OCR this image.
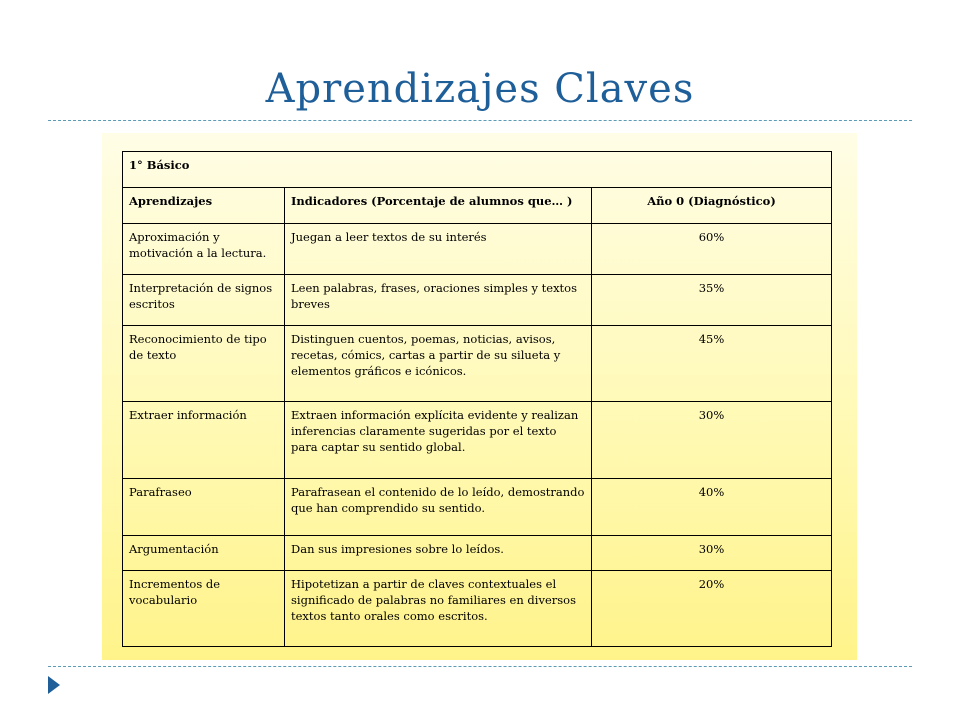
Aprendizajes Claves
1° Básico		
Aprendizajes	Indicadores (Porcentaje de alumnos que… )	Año 0 (Diagnóstico)
Aproximación y motivación a la lectura.	Juegan a leer textos de su interés	60%
Interpretación de signos escritos	Leen palabras, frases, oraciones simples y textos breves	35%
Reconocimiento de tipo de texto	Distinguen cuentos, poemas, noticias, avisos, recetas, cómics, cartas a partir de su silueta y elementos gráficos e icónicos.	45%
Extraer información	Extraen información explícita evidente y realizan inferencias claramente sugeridas por el texto para captar su sentido global.	30%
Parafraseo	Parafrasean el contenido de lo leído, demostrando que han comprendido su sentido.	40%
Argumentación	Dan sus impresiones sobre lo leídos.	30%
Incrementos de vocabulario	Hipotetizan a partir de claves contextuales el significado de palabras no familiares en diversos textos tanto orales como escritos.	20%
